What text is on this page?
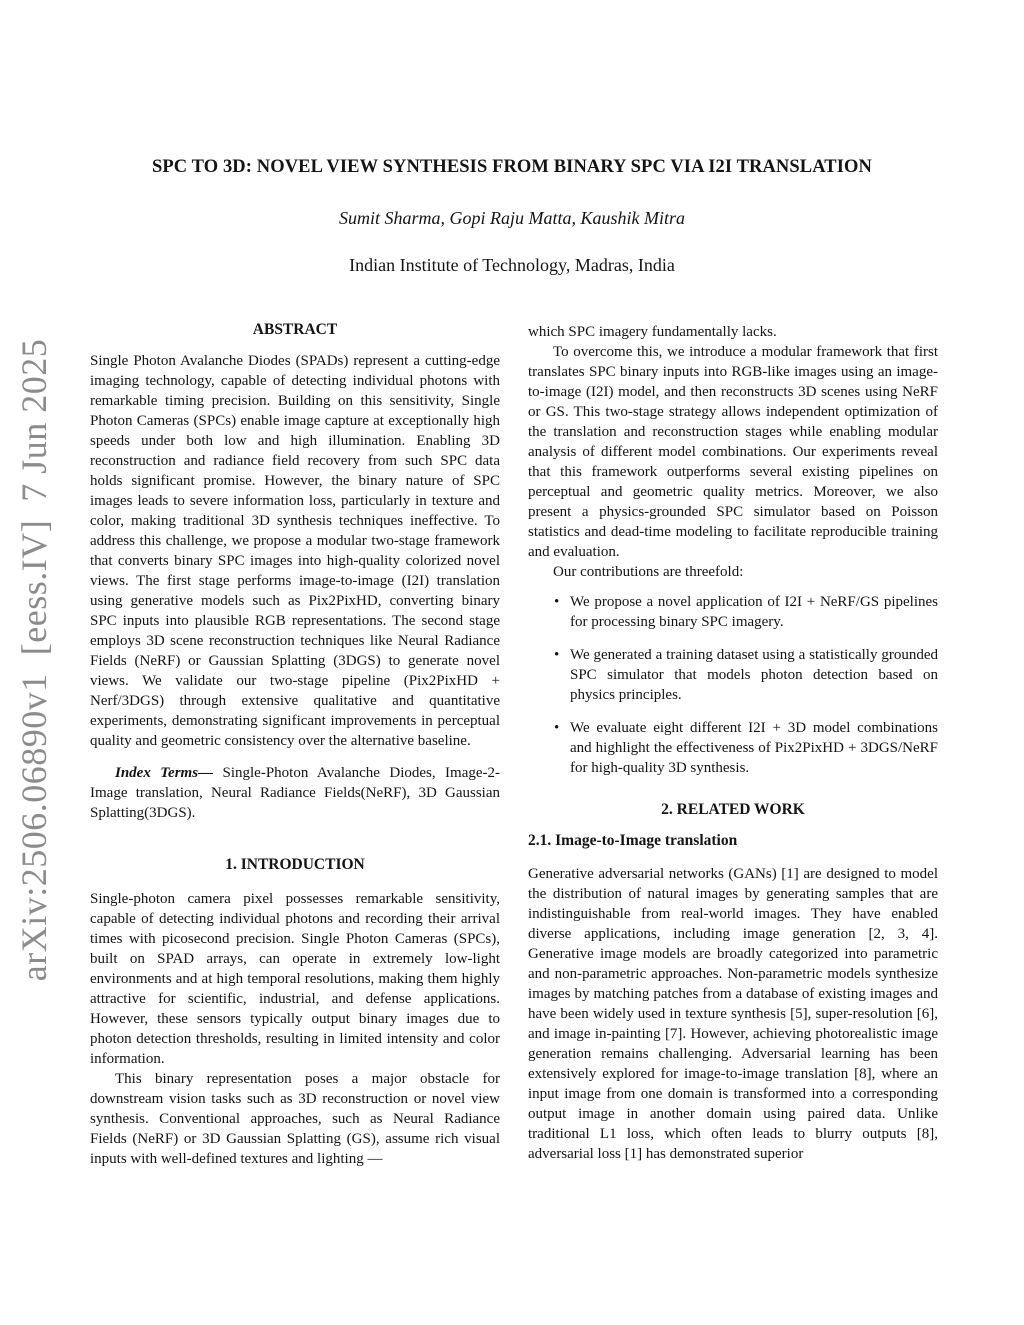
arXiv:2506.06890v1
[eess.IV]
7 Jun 2025
SPC TO 3D: NOVEL VIEW SYNTHESIS FROM BINARY SPC VIA I2I TRANSLATION
Sumit Sharma, Gopi Raju Matta, Kaushik Mitra
Indian Institute of Technology, Madras, India

ABSTRACT

Single Photon Avalanche Diodes (SPADs) represent a cutting-edge imaging technology, capable of detecting individual photons with remarkable timing precision. Building on this sensitivity, Single Photon Cameras (SPCs) enable image capture at exceptionally high speeds under both low and high illumination. Enabling 3D reconstruction and radiance field recovery from such SPC data holds significant promise. However, the binary nature of SPC images leads to severe information loss, particularly in texture and color, making traditional 3D synthesis techniques ineffective. To address this challenge, we propose a modular two-stage framework that converts binary SPC images into high-quality colorized novel views. The first stage performs image-to-image (I2I) translation using generative models such as Pix2PixHD, converting binary SPC inputs into plausible RGB representations. The second stage employs 3D scene reconstruction techniques like Neural Radiance Fields (NeRF) or Gaussian Splatting (3DGS) to generate novel views. We validate our two-stage pipeline (Pix2PixHD + Nerf/3DGS) through extensive qualitative and quantitative experiments, demonstrating significant improvements in perceptual quality and geometric consistency over the alternative baseline.

Index Terms— Single-Photon Avalanche Diodes, Image-2-Image translation, Neural Radiance Fields(NeRF), 3D Gaussian Splatting(3DGS).

1. INTRODUCTION

Single-photon camera pixel possesses remarkable sensitivity, capable of detecting individual photons and recording their arrival times with picosecond precision. Single Photon Cameras (SPCs), built on SPAD arrays, can operate in extremely low-light environments and at high temporal resolutions, making them highly attractive for scientific, industrial, and defense applications. However, these sensors typically output binary images due to photon detection thresholds, resulting in limited intensity and color information.

This binary representation poses a major obstacle for downstream vision tasks such as 3D reconstruction or novel view synthesis. Conventional approaches, such as Neural Radiance Fields (NeRF) or 3D Gaussian Splatting (GS), assume rich visual inputs with well-defined textures and lighting —

which SPC imagery fundamentally lacks.

To overcome this, we introduce a modular framework that first translates SPC binary inputs into RGB-like images using an image-to-image (I2I) model, and then reconstructs 3D scenes using NeRF or GS. This two-stage strategy allows independent optimization of the translation and reconstruction stages while enabling modular analysis of different model combinations. Our experiments reveal that this framework outperforms several existing pipelines on perceptual and geometric quality metrics. Moreover, we also present a physics-grounded SPC simulator based on Poisson statistics and dead-time modeling to facilitate reproducible training and evaluation.

Our contributions are threefold:

• We propose a novel application of I2I + NeRF/GS pipelines for processing binary SPC imagery.
• We generated a training dataset using a statistically grounded SPC simulator that models photon detection based on physics principles.
• We evaluate eight different I2I + 3D model combinations and highlight the effectiveness of Pix2PixHD + 3DGS/NeRF for high-quality 3D synthesis.

2. RELATED WORK

2.1. Image-to-Image translation

Generative adversarial networks (GANs) [1] are designed to model the distribution of natural images by generating samples that are indistinguishable from real-world images. They have enabled diverse applications, including image generation [2, 3, 4]. Generative image models are broadly categorized into parametric and non-parametric approaches. Non-parametric models synthesize images by matching patches from a database of existing images and have been widely used in texture synthesis [5], super-resolution [6], and image in-painting [7]. However, achieving photorealistic image generation remains challenging. Adversarial learning has been extensively explored for image-to-image translation [8], where an input image from one domain is transformed into a corresponding output image in another domain using paired data. Unlike traditional L1 loss, which often leads to blurry outputs [8], adversarial loss [1] has demonstrated superior
